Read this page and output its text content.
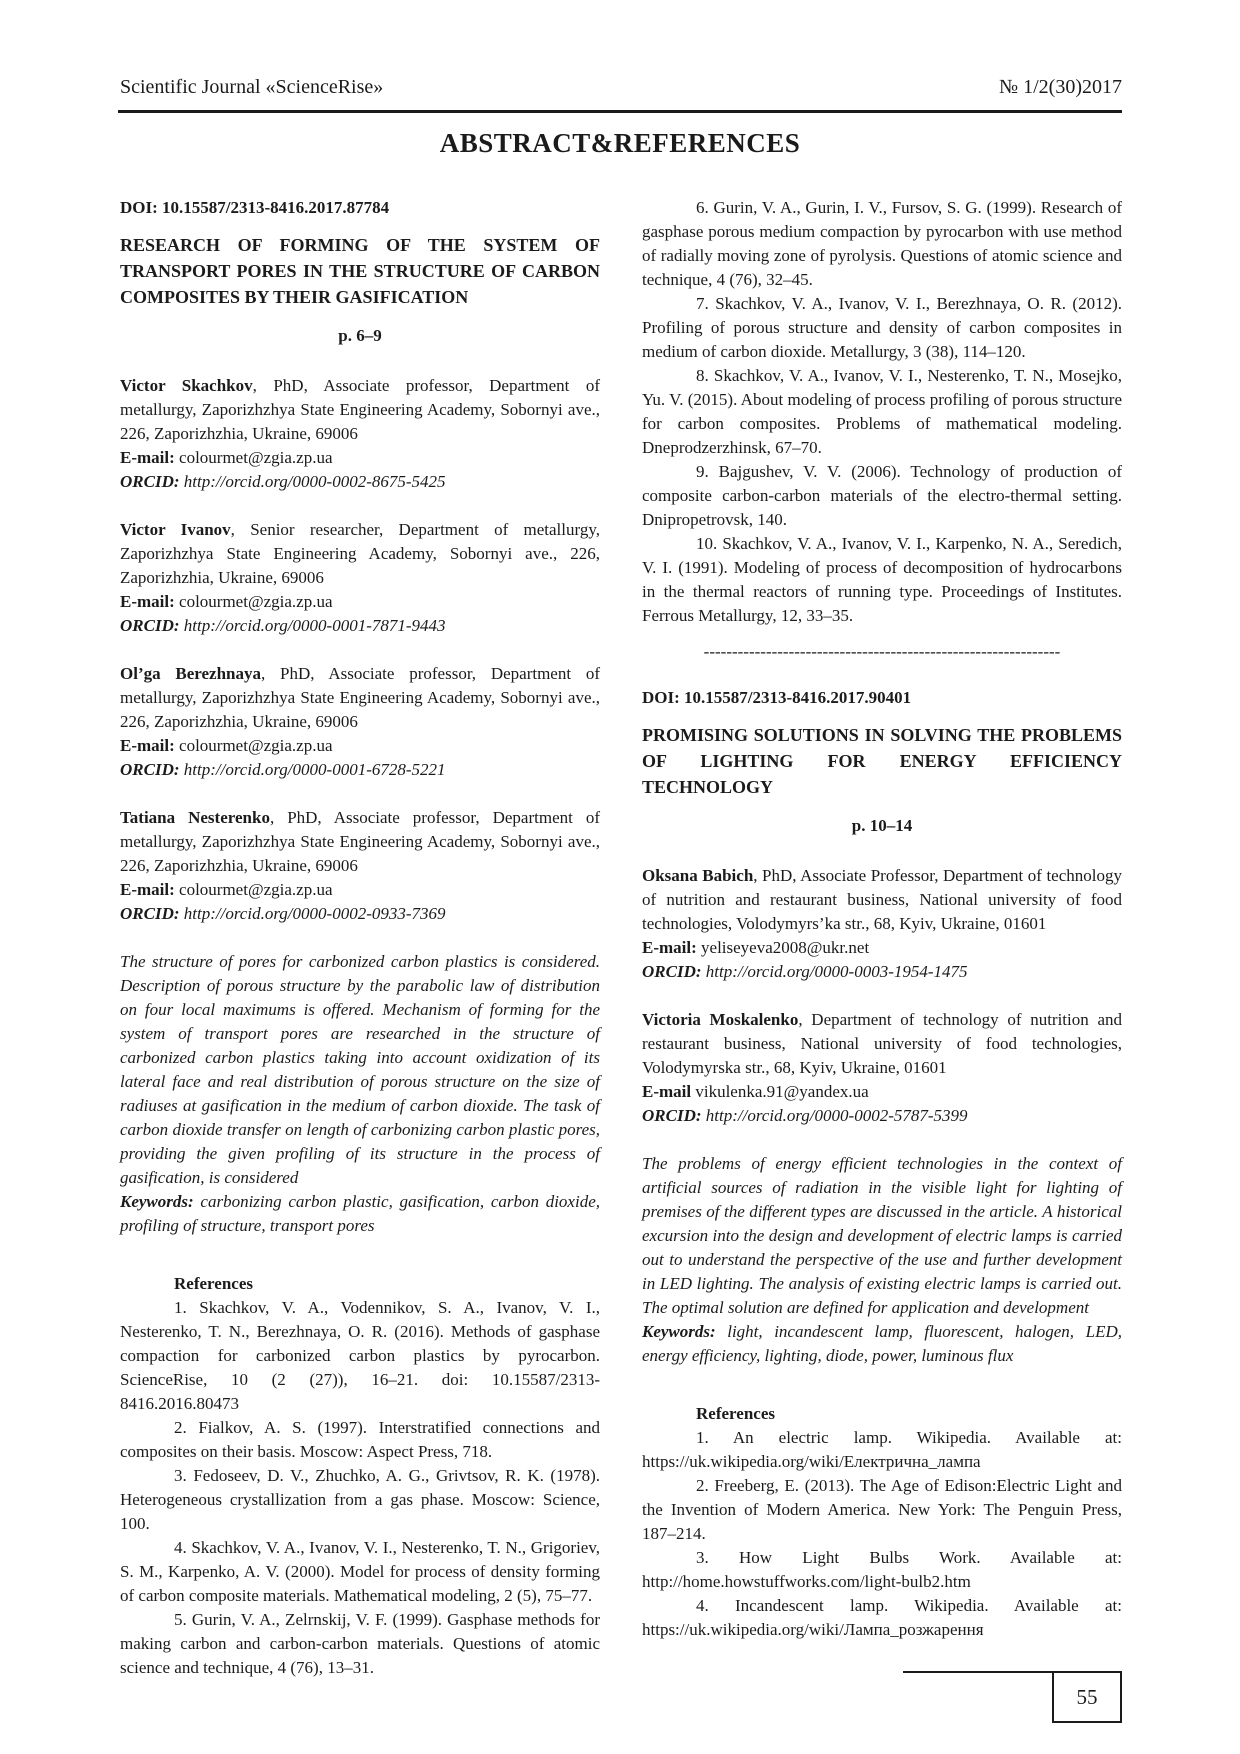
Scientific Journal «ScienceRise»	№ 1/2(30)2017
ABSTRACT&REFERENCES

DOI: 10.15587/2313-8416.2017.87784

RESEARCH OF FORMING OF THE SYSTEM OF TRANSPORT PORES IN THE STRUCTURE OF CARBON COMPOSITES BY THEIR GASIFICATION

p. 6–9

Victor Skachkov, PhD, Associate professor, Department of metallurgy, Zaporizhzhya State Engineering Academy, Sobornyi ave., 226, Zaporizhzhia, Ukraine, 69006
E-mail: colourmet@zgia.zp.ua
ORCID: http://orcid.org/0000-0002-8675-5425

Victor Ivanov, Senior researcher, Department of metallurgy, Zaporizhzhya State Engineering Academy, Sobornyi ave., 226, Zaporizhzhia, Ukraine, 69006
E-mail: colourmet@zgia.zp.ua
ORCID: http://orcid.org/0000-0001-7871-9443

Ol’ga Berezhnaya, PhD, Associate professor, Department of metallurgy, Zaporizhzhya State Engineering Academy, Sobornyi ave., 226, Zaporizhzhia, Ukraine, 69006
E-mail: colourmet@zgia.zp.ua
ORCID: http://orcid.org/0000-0001-6728-5221

Tatiana Nesterenko, PhD, Associate professor, Department of metallurgy, Zaporizhzhya State Engineering Academy, Sobornyi ave., 226, Zaporizhzhia, Ukraine, 69006
E-mail: colourmet@zgia.zp.ua
ORCID: http://orcid.org/0000-0002-0933-7369

The structure of pores for carbonized carbon plastics is considered. Description of porous structure by the parabolic law of distribution on four local maximums is offered. Mechanism of forming for the system of transport pores are researched in the structure of carbonized carbon plastics taking into account oxidization of its lateral face and real distribution of porous structure on the size of radiuses at gasification in the medium of carbon dioxide. The task of carbon dioxide transfer on length of carbonizing carbon plastic pores, providing the given profiling of its structure in the process of gasification, is considered
Keywords: carbonizing carbon plastic, gasification, carbon dioxide, profiling of structure, transport pores

References

1. Skachkov, V. A., Vodennikov, S. A., Ivanov, V. I., Nesterenko, T. N., Berezhnaya, O. R. (2016). Methods of gasphase compaction for carbonized carbon plastics by pyrocarbon. ScienceRise, 10 (2 (27)), 16–21. doi: 10.15587/2313-8416.2016.80473

2. Fialkov, A. S. (1997). Interstratified connections and composites on their basis. Moscow: Aspect Press, 718.

3. Fedoseev, D. V., Zhuchko, A. G., Grivtsov, R. K. (1978). Heterogeneous crystallization from a gas phase. Moscow: Science, 100.

4. Skachkov, V. A., Ivanov, V. I., Nesterenko, T. N., Grigoriev, S. M., Karpenko, A. V. (2000). Model for process of density forming of carbon composite materials. Mathematical modeling, 2 (5), 75–77.

5. Gurin, V. A., Zelrnskij, V. F. (1999). Gasphase methods for making carbon and carbon-carbon materials. Questions of atomic science and technique, 4 (76), 13–31.

6. Gurin, V. A., Gurin, I. V., Fursov, S. G. (1999). Research of gasphase porous medium compaction by pyrocarbon with use method of radially moving zone of pyrolysis. Questions of atomic science and technique, 4 (76), 32–45.

7. Skachkov, V. A., Ivanov, V. I., Berezhnaya, O. R. (2012). Profiling of porous structure and density of carbon composites in medium of carbon dioxide. Metallurgy, 3 (38), 114–120.

8. Skachkov, V. A., Ivanov, V. I., Nesterenko, T. N., Mosejko, Yu. V. (2015). About modeling of process profiling of porous structure for carbon composites. Problems of mathematical modeling. Dneprodzerzhinsk, 67–70.

9. Bajgushev, V. V. (2006). Technology of production of composite carbon-carbon materials of the electro-thermal setting. Dnipropetrovsk, 140.

10. Skachkov, V. A., Ivanov, V. I., Karpenko, N. A., Seredich, V. I. (1991). Modeling of process of decomposition of hydrocarbons in the thermal reactors of running type. Proceedings of Institutes. Ferrous Metallurgy, 12, 33–35.

---------------------------------------------------------------

DOI: 10.15587/2313-8416.2017.90401

PROMISING SOLUTIONS IN SOLVING THE PROBLEMS OF LIGHTING FOR ENERGY EFFICIENCY TECHNOLOGY

p. 10–14

Oksana Babich, PhD, Associate Professor, Department of technology of nutrition and restaurant business, National university of food technologies, Volodymyrs’ka str., 68, Kyiv, Ukraine, 01601
E-mail: yeliseyeva2008@ukr.net
ORCID: http://orcid.org/0000-0003-1954-1475

Victoria Moskalenko, Department of technology of nutrition and restaurant business, National university of food technologies, Volodymyrska str., 68, Kyiv, Ukraine, 01601
E-mail vikulenka.91@yandex.ua
ORCID: http://orcid.org/0000-0002-5787-5399

The problems of energy efficient technologies in the context of artificial sources of radiation in the visible light for lighting of premises of the different types are discussed in the article. A historical excursion into the design and development of electric lamps is carried out to understand the perspective of the use and further development in LED lighting. The analysis of existing electric lamps is carried out. The optimal solution are defined for application and development
Keywords: light, incandescent lamp, fluorescent, halogen, LED, energy efficiency, lighting, diode, power, luminous flux

References

1. An electric lamp. Wikipedia. Available at: https://uk.wikipedia.org/wiki/Електрична_лампа

2. Freeberg, E. (2013). The Age of Edison:Electric Light and the Invention of Modern America. New York: The Penguin Press, 187–214.

3. How Light Bulbs Work. Available at: http://home.howstuffworks.com/light-bulb2.htm

4. Incandescent lamp. Wikipedia. Available at: https://uk.wikipedia.org/wiki/Лампа_розжарення

55
